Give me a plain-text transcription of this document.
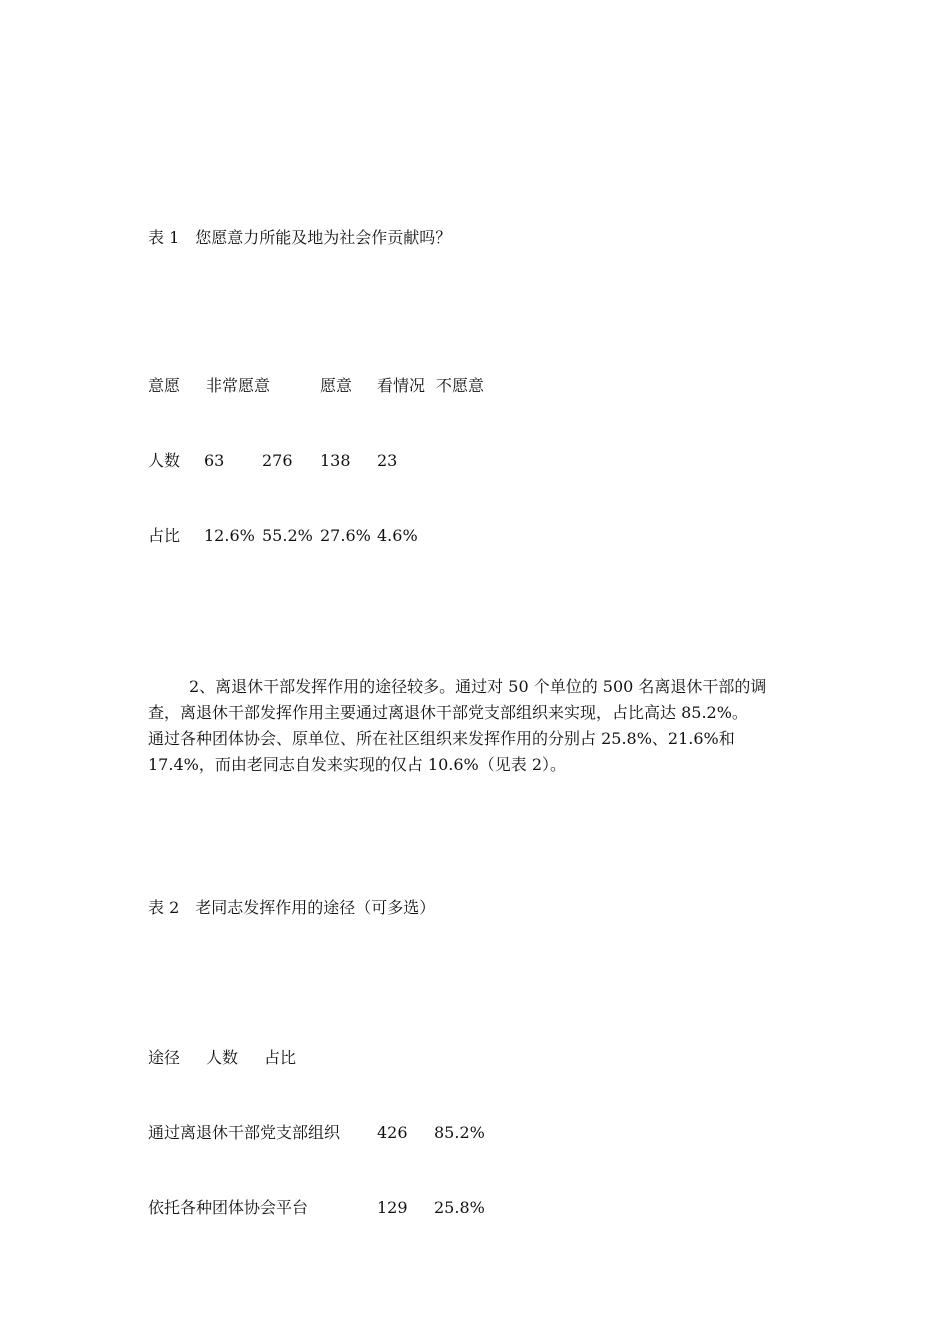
表 1　您愿意力所能及地为社会作贡献吗？
意愿 非常愿意	愿意 看情况 不愿意
人数 63 276 138 23
占比 12.6% 55.2% 27.6% 4.6%
2、离退休干部发挥作用的途径较多。通过对 50 个单位的 500 名离退休干部的调
查，离退休干部发挥作用主要通过离退休干部党支部组织来实现，占比高达 85.2%。
通过各种团体协会、原单位、所在社区组织来发挥作用的分别占 25.8%、21.6%和
17.4%，而由老同志自发来实现的仅占 10.6%（见表 2）。
表 2　老同志发挥作用的途径（可多选）
途径 人数 占比
通过离退休干部党支部组织 426 85.2%
依托各种团体协会平台	129 25.8%
